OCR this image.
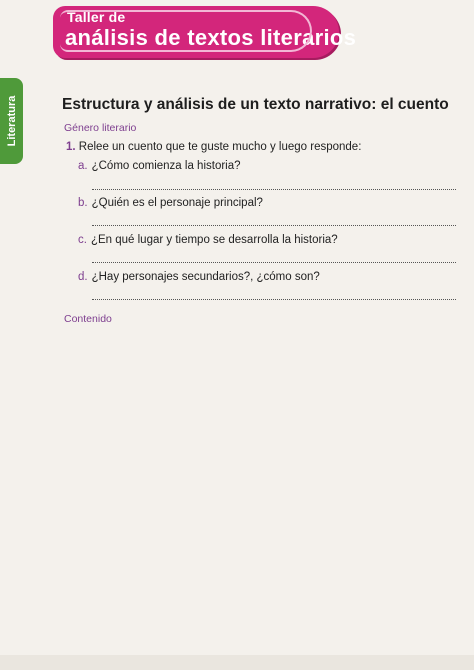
Taller de
análisis de textos literarios
Literatura	Estructura y análisis de un texto narrativo: el cuento
Género literario
1. Relee un cuento que te guste mucho y luego responde:
a. ¿Cómo comienza la historia?
b. ¿Quién es el personaje principal?
c. ¿En qué lugar y tiempo se desarrolla la historia?
d. ¿Hay personajes secundarios?, ¿cómo son?
Contenido
